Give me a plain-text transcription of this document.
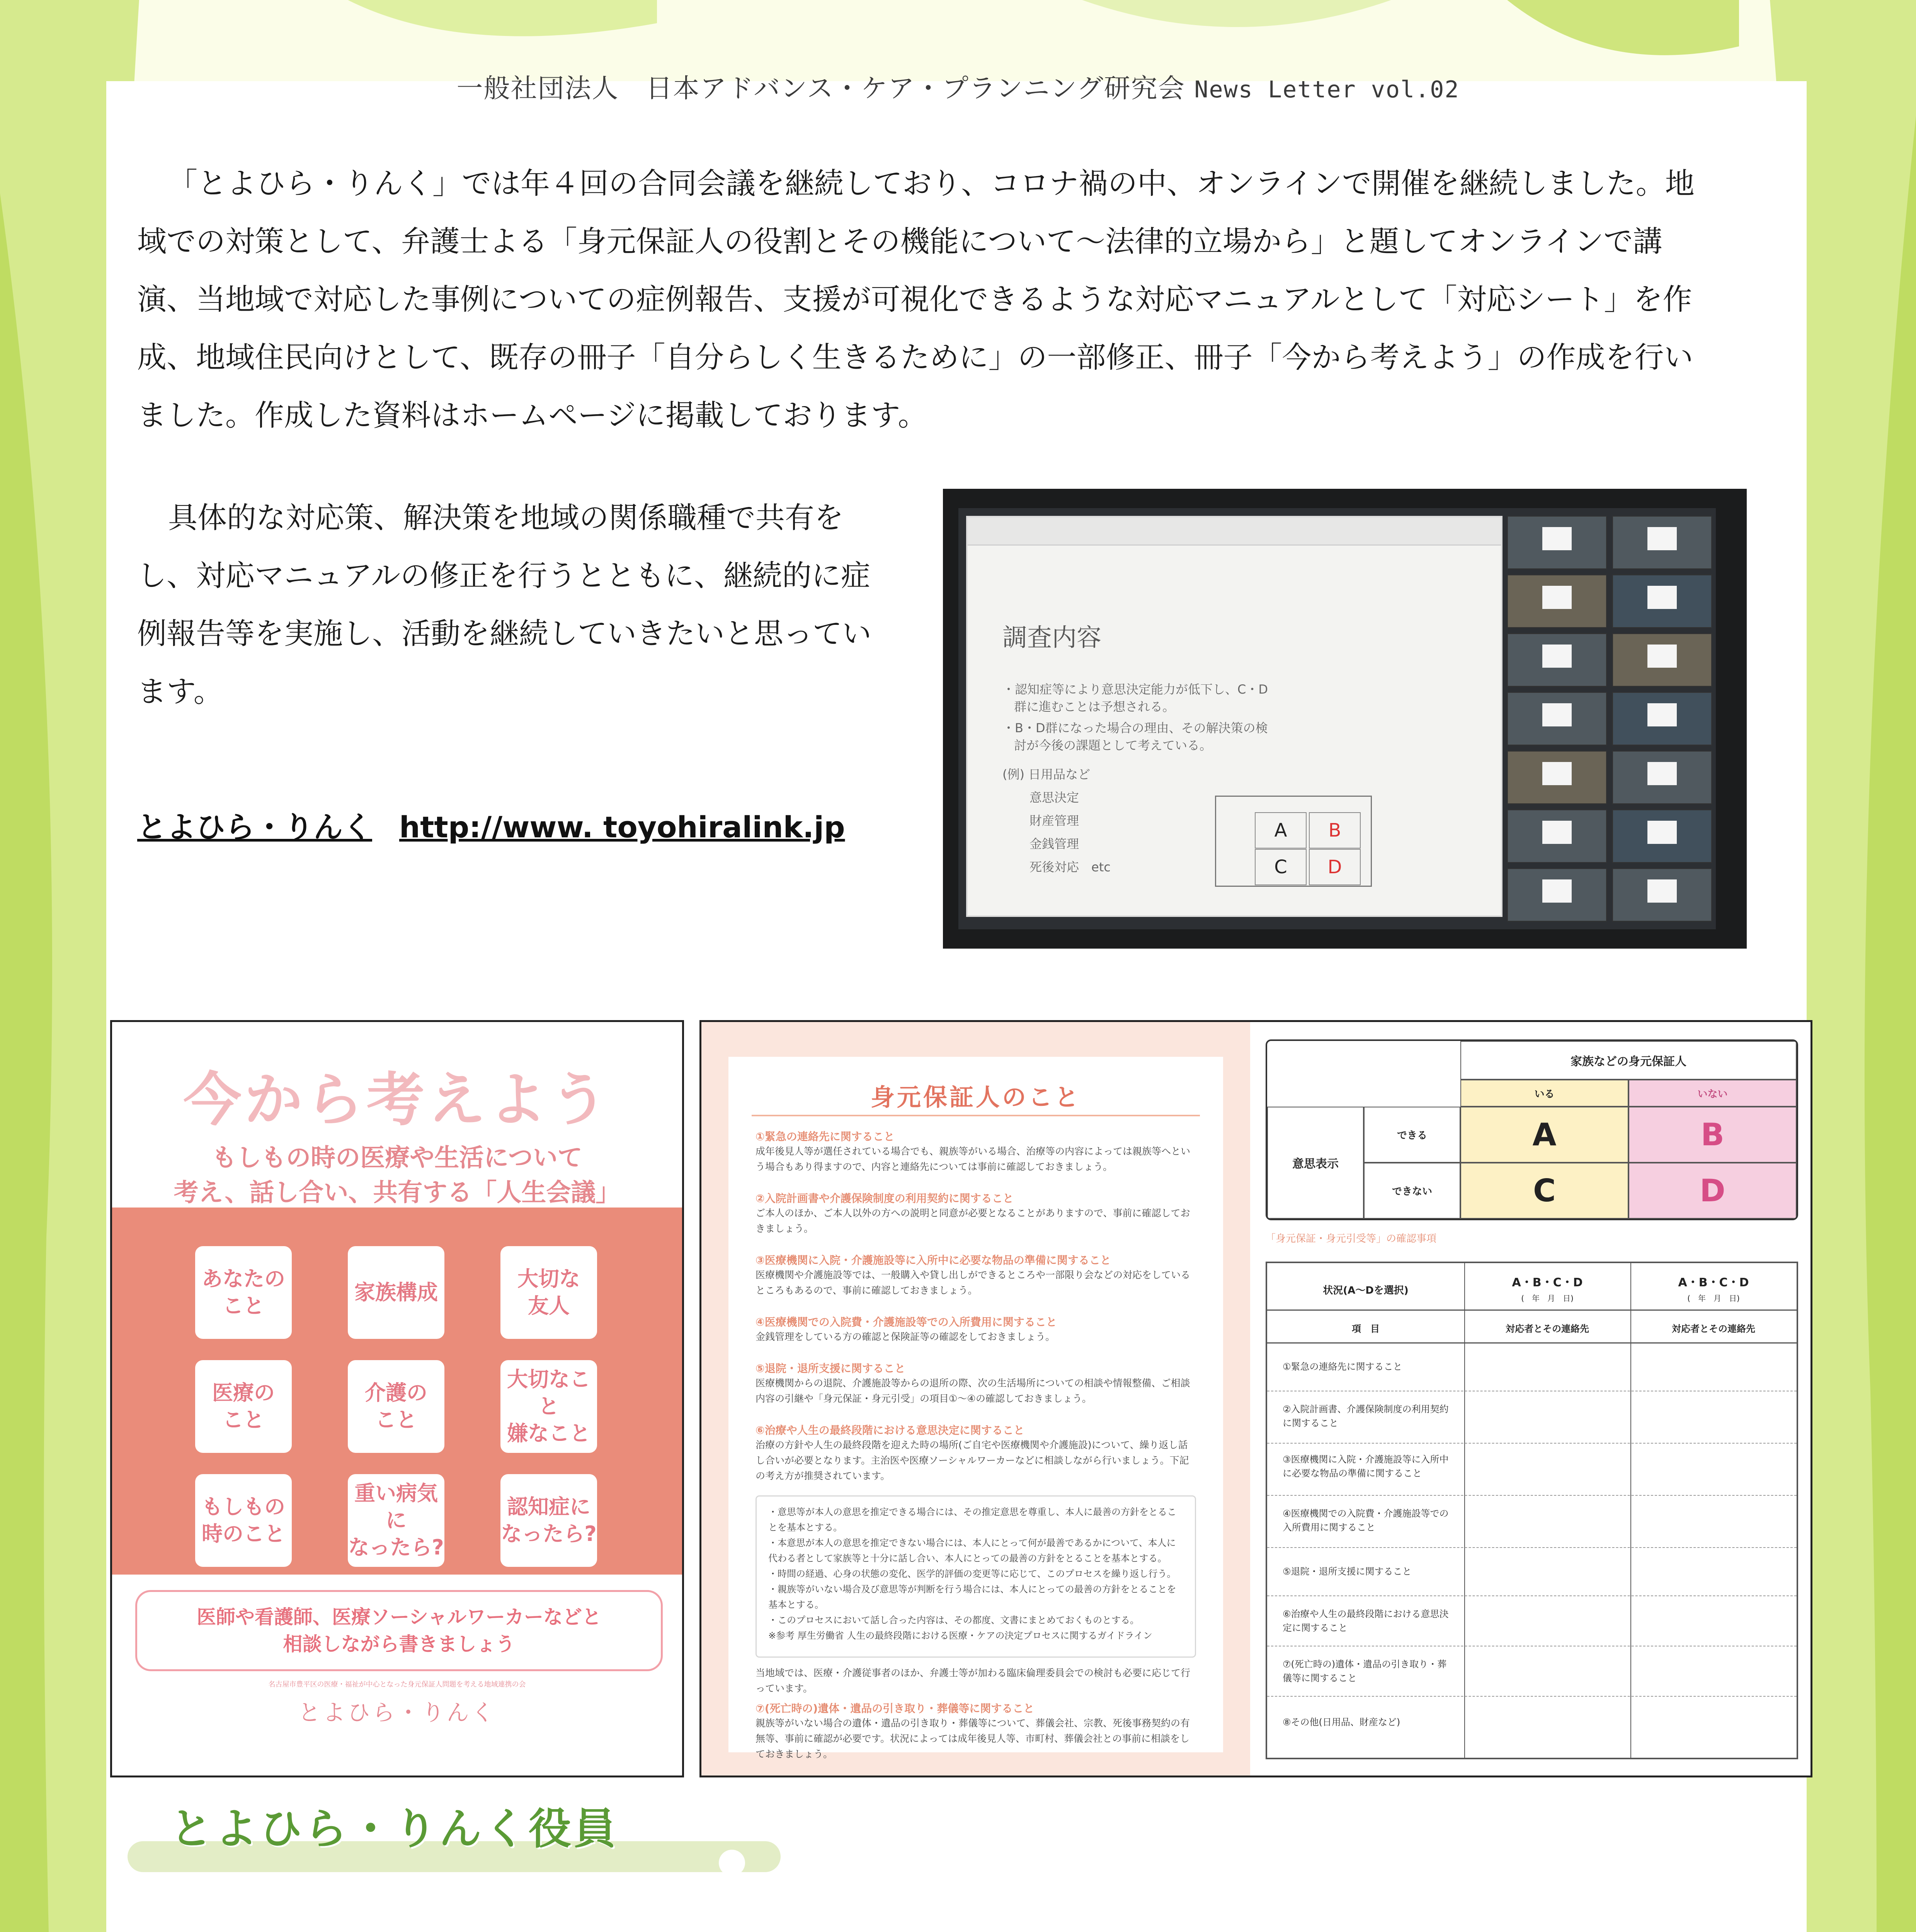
一般社団法人　日本アドバンス・ケア・プランニング研究会 News Letter vol.02

「とよひら・りんく」では年４回の合同会議を継続しており、コロナ禍の中、オンラインで開催を継続しました。地域での対策として、弁護士よる「身元保証人の役割とその機能について～法律的立場から」と題してオンラインで講演、当地域で対応した事例についての症例報告、支援が可視化できるような対応マニュアルとして「対応シート」を作成、地域住民向けとして、既存の冊子「自分らしく生きるために」の一部修正、冊子「今から考えよう」の作成を行いました。作成した資料はホームページに掲載しております。

具体的な対応策、解決策を地域の関係職種で共有をし、対応マニュアルの修正を行うとともに、継続的に症例報告等を実施し、活動を継続していきたいと思っています。

とよひら・りんく http://www. toyohiralink.jp
調査内容
・認知症等により意思決定能力が低下し、C・D
群に進むことは予想される。
・B・D群になった場合の理由、その解決策の検
討が今後の課題として考えている。
(例) 日用品など
意思決定
財産管理
金銭管理
死後対応　etc
A	B
C	D
今から考えよう
もしもの時の医療や生活について
考え、話し合い、共有する「人生会議」
あなたの
こと
家族構成
大切な
友人
医療の
こと
介護の
こと
大切なこと
嫌なこと
もしもの
時のこと
重い病気に
なったら?
認知症に
なったら?
医師や看護師、医療ソーシャルワーカーなどと
相談しながら書きましょう
名古屋市豊平区の医療・福祉が中心となった身元保証人問題を考える地域連携の会
とよひら・りんく
身元保証人のこと
①緊急の連絡先に関すること
成年後見人等が選任されている場合でも、親族等がいる場合、治療等の内容によっては親族等へという場合もあり得ますので、内容と連絡先については事前に確認しておきましょう。
②入院計画書や介護保険制度の利用契約に関すること
ご本人のほか、ご本人以外の方への説明と同意が必要となることがありますので、事前に確認しておきましょう。
③医療機関に入院・介護施設等に入所中に必要な物品の準備に関すること
医療機関や介護施設等では、一般購入や貸し出しができるところや一部限り会などの対応をしているところもあるので、事前に確認しておきましょう。
④医療機関での入院費・介護施設等での入所費用に関すること
金銭管理をしている方の確認と保険証等の確認をしておきましょう。
⑤退院・退所支援に関すること
医療機関からの退院、介護施設等からの退所の際、次の生活場所についての相談や情報整備、ご相談内容の引継や「身元保証・身元引受」の項目①～④の確認しておきましょう。
⑥治療や人生の最終段階における意思決定に関すること
治療の方針や人生の最終段階を迎えた時の場所(ご自宅や医療機関や介護施設)について、繰り返し話し合いが必要となります。主治医や医療ソーシャルワーカーなどに相談しながら行いましょう。下記の考え方が推奨されています。
・意思等が本人の意思を推定できる場合には、その推定意思を尊重し、本人に最善の方針をとることを基本とする。
・本意思が本人の意思を推定できない場合には、本人にとって何が最善であるかについて、本人に代わる者として家族等と十分に話し合い、本人にとっての最善の方針をとることを基本とする。
・時間の経過、心身の状態の変化、医学的評価の変更等に応じて、このプロセスを繰り返し行う。
・親族等がいない場合及び意思等が判断を行う場合には、本人にとっての最善の方針をとることを基本とする。
・このプロセスにおいて話し合った内容は、その都度、文書にまとめておくものとする。
※参考 厚生労働省 人生の最終段階における医療・ケアの決定プロセスに関するガイドライン
当地域では、医療・介護従事者のほか、弁護士等が加わる臨床倫理委員会での検討も必要に応じて行っています。
⑦(死亡時の)遺体・遺品の引き取り・葬儀等に関すること
親族等がいない場合の遺体・遺品の引き取り・葬儀等について、葬儀会社、宗教、死後事務契約の有無等、事前に確認が必要です。状況によっては成年後見人等、市町村、葬儀会社との事前に相談をしておきましょう。
家族などの身元保証人
いる	いない
意思表示
できる
できない
A	B
C	D
「身元保証・身元引受等」の確認事項
状況(A～Dを選択)
A・B・C・D	A・B・C・D
(　年　月　日)	(　年　月　日)
項　目	対応者とその連絡先	対応者とその連絡先
①緊急の連絡先に関すること
②入院計画書、介護保険制度の利用契約に関すること
③医療機関に入院・介護施設等に入所中に必要な物品の準備に関すること
④医療機関での入院費・介護施設等での入所費用に関すること
⑤退院・退所支援に関すること
⑥治療や人生の最終段階における意思決定に関すること
⑦(死亡時の)遺体・遺品の引き取り・葬儀等に関すること
⑧その他(日用品、財産など)
とよひら・りんく役員
